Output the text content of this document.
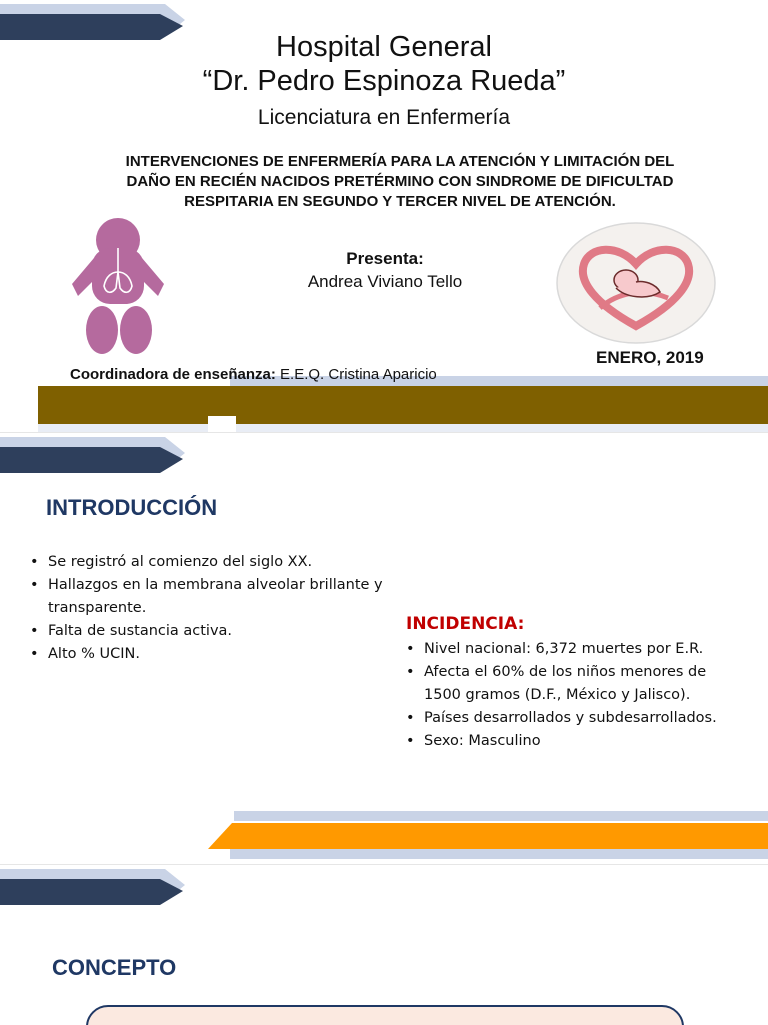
Hospital General
“Dr. Pedro Espinoza Rueda”
Licenciatura en Enfermería
INTERVENCIONES DE ENFERMERÍA PARA LA ATENCIÓN Y LIMITACIÓN DEL
DAÑO EN RECIÉN NACIDOS PRETÉRMINO CON SINDROME DE DIFICULTAD
RESPITARIA EN SEGUNDO Y TERCER NIVEL DE ATENCIÓN.
Presenta:
Andrea Viviano Tello
ENERO, 2019
Coordinadora de enseñanza: E.E.Q. Cristina Aparicio
INTRODUCCIÓN
• Se registró al comienzo del siglo XX.
• Hallazgos en la membrana alveolar brillante y transparente.
• Falta de sustancia activa.
• Alto % UCIN.
INCIDENCIA:
• Nivel nacional: 6,372 muertes por E.R.
• Afecta el 60% de los niños menores de 1500 gramos (D.F., México y Jalisco).
• Países desarrollados y subdesarrollados.
• Sexo: Masculino
CONCEPTO
